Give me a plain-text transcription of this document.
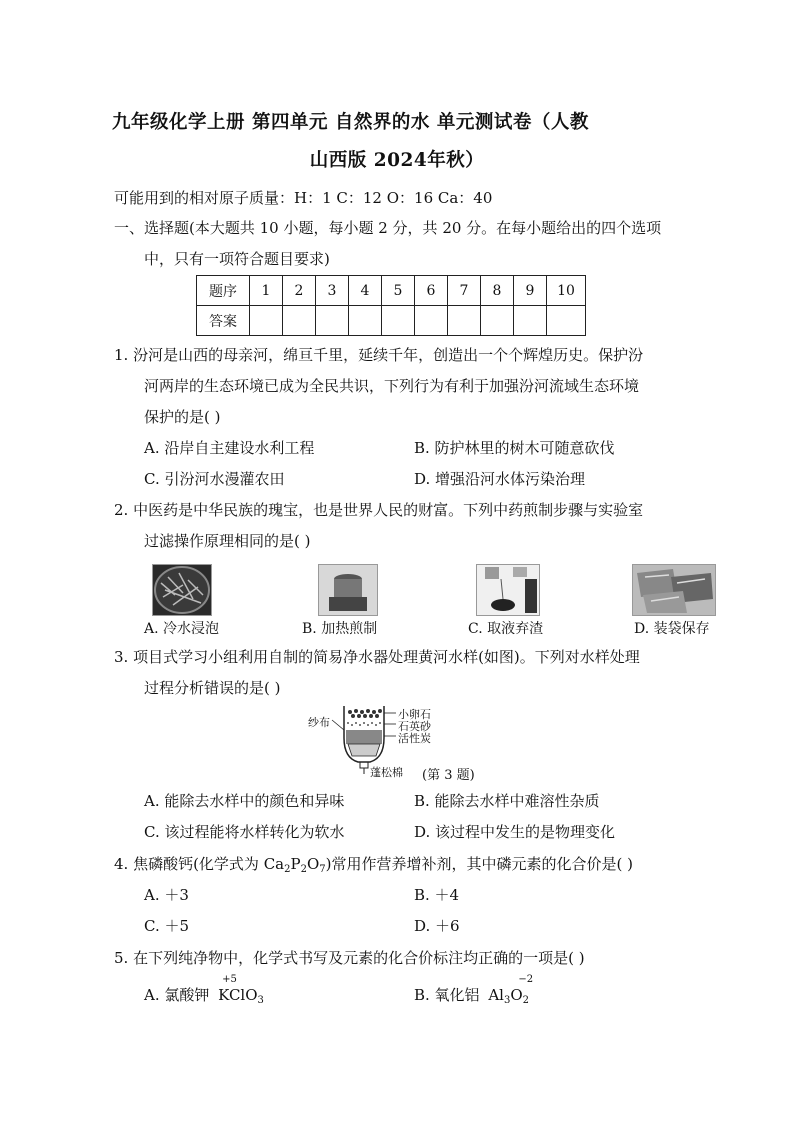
九年级化学上册 第四单元 自然界的水 单元测试卷（人教
山西版 2024年秋）
可能用到的相对原子质量：H：1 C：12 O：16 Ca：40
一、选择题(本大题共 10 小题，每小题 2 分，共 20 分。在每小题给出的四个选项
中，只有一项符合题目要求)
题序	1	2	3	4	5	6	7	8	9	10
答案										
1. 汾河是山西的母亲河，绵亘千里，延续千年，创造出一个个辉煌历史。保护汾
河两岸的生态环境已成为全民共识，下列行为有利于加强汾河流域生态环境
保护的是( )
A. 沿岸自主建设水利工程	B. 防护林里的树木可随意砍伐
C. 引汾河水漫灌农田	D. 增强沿河水体污染治理
2. 中医药是中华民族的瑰宝，也是世界人民的财富。下列中药煎制步骤与实验室
过滤操作原理相同的是( )
A. 冷水浸泡	B. 加热煎制	C. 取液弃渣	D. 装袋保存
3. 项目式学习小组利用自制的简易净水器处理黄河水样(如图)。下列对水样处理
过程分析错误的是( )
纱布
小卵石
石英砂
活性炭
蓬松棉 (第 3 题)
A. 能除去水样中的颜色和异味	B. 能除去水样中难溶性杂质
C. 该过程能将水样转化为软水	D. 该过程中发生的是物理变化
4. 焦磷酸钙(化学式为 $Ca_2P_2O_7$)常用作营养增补剂，其中磷元素的化合价是( )
A. ＋3	B. ＋4
C. ＋5	D. ＋6
5. 在下列纯净物中，化学式书写及元素的化合价标注均正确的一项是( )
A. 氯酸钾
+5
KClO$_3$	B. 氧化铝 $Al_3O_2$
−2
